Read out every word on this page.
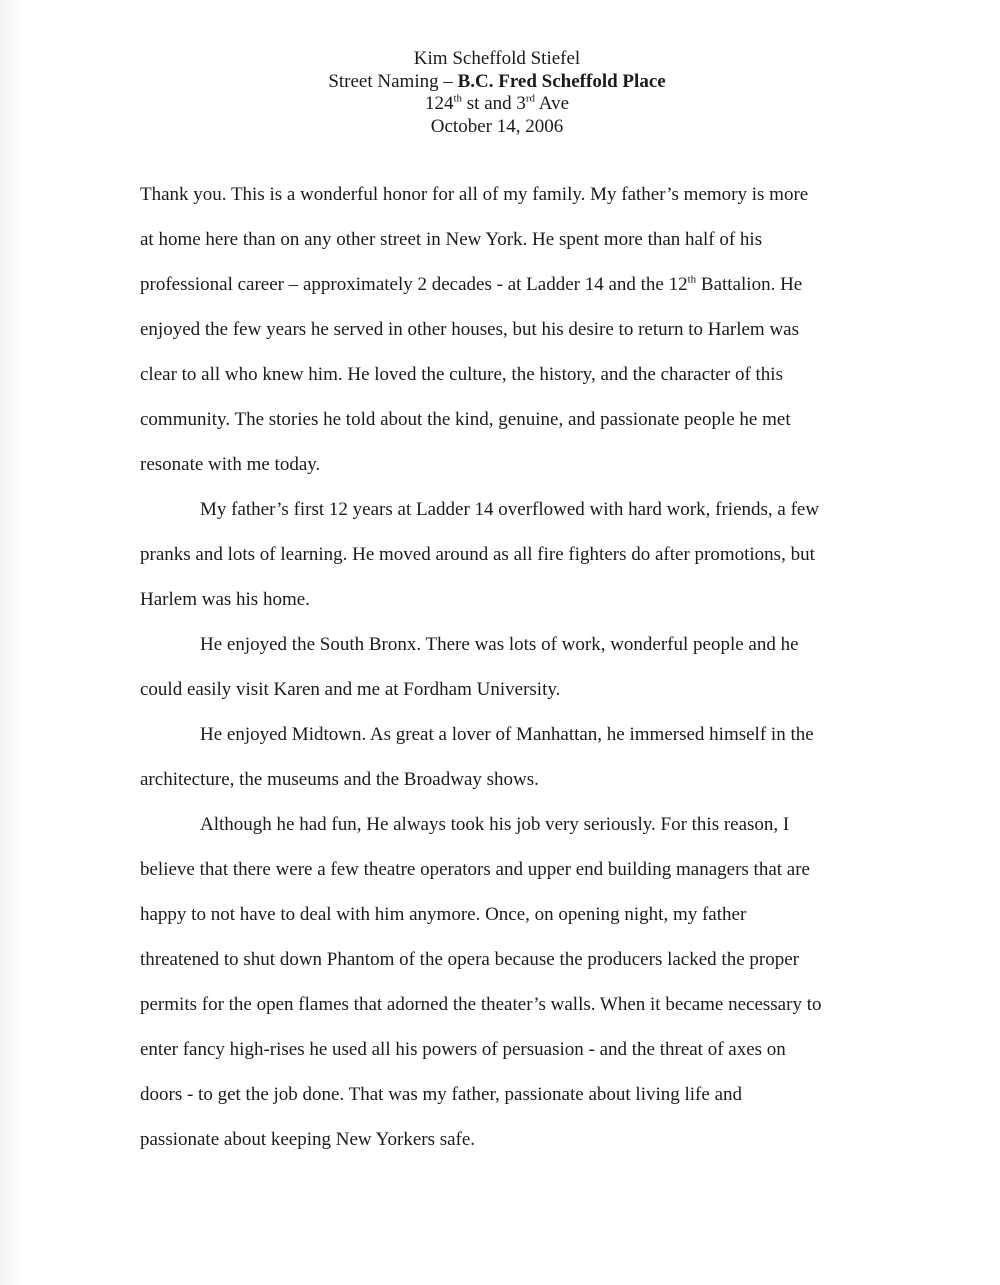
Kim Scheffold Stiefel
Street Naming – B.C. Fred Scheffold Place
124th st and 3rd Ave
October 14, 2006

Thank you. This is a wonderful honor for all of my family. My father’s memory is more
at home here than on any other street in New York. He spent more than half of his
professional career – approximately 2 decades - at Ladder 14 and the 12th Battalion. He
enjoyed the few years he served in other houses, but his desire to return to Harlem was
clear to all who knew him. He loved the culture, the history, and the character of this
community. The stories he told about the kind, genuine, and passionate people he met
resonate with me today.

My father’s first 12 years at Ladder 14 overflowed with hard work, friends, a few
pranks and lots of learning. He moved around as all fire fighters do after promotions, but
Harlem was his home.

He enjoyed the South Bronx. There was lots of work, wonderful people and he
could easily visit Karen and me at Fordham University.

He enjoyed Midtown. As great a lover of Manhattan, he immersed himself in the
architecture, the museums and the Broadway shows.

Although he had fun, He always took his job very seriously. For this reason, I
believe that there were a few theatre operators and upper end building managers that are
happy to not have to deal with him anymore. Once, on opening night, my father
threatened to shut down Phantom of the opera because the producers lacked the proper
permits for the open flames that adorned the theater’s walls. When it became necessary to
enter fancy high-rises he used all his powers of persuasion - and the threat of axes on
doors - to get the job done. That was my father, passionate about living life and
passionate about keeping New Yorkers safe.
